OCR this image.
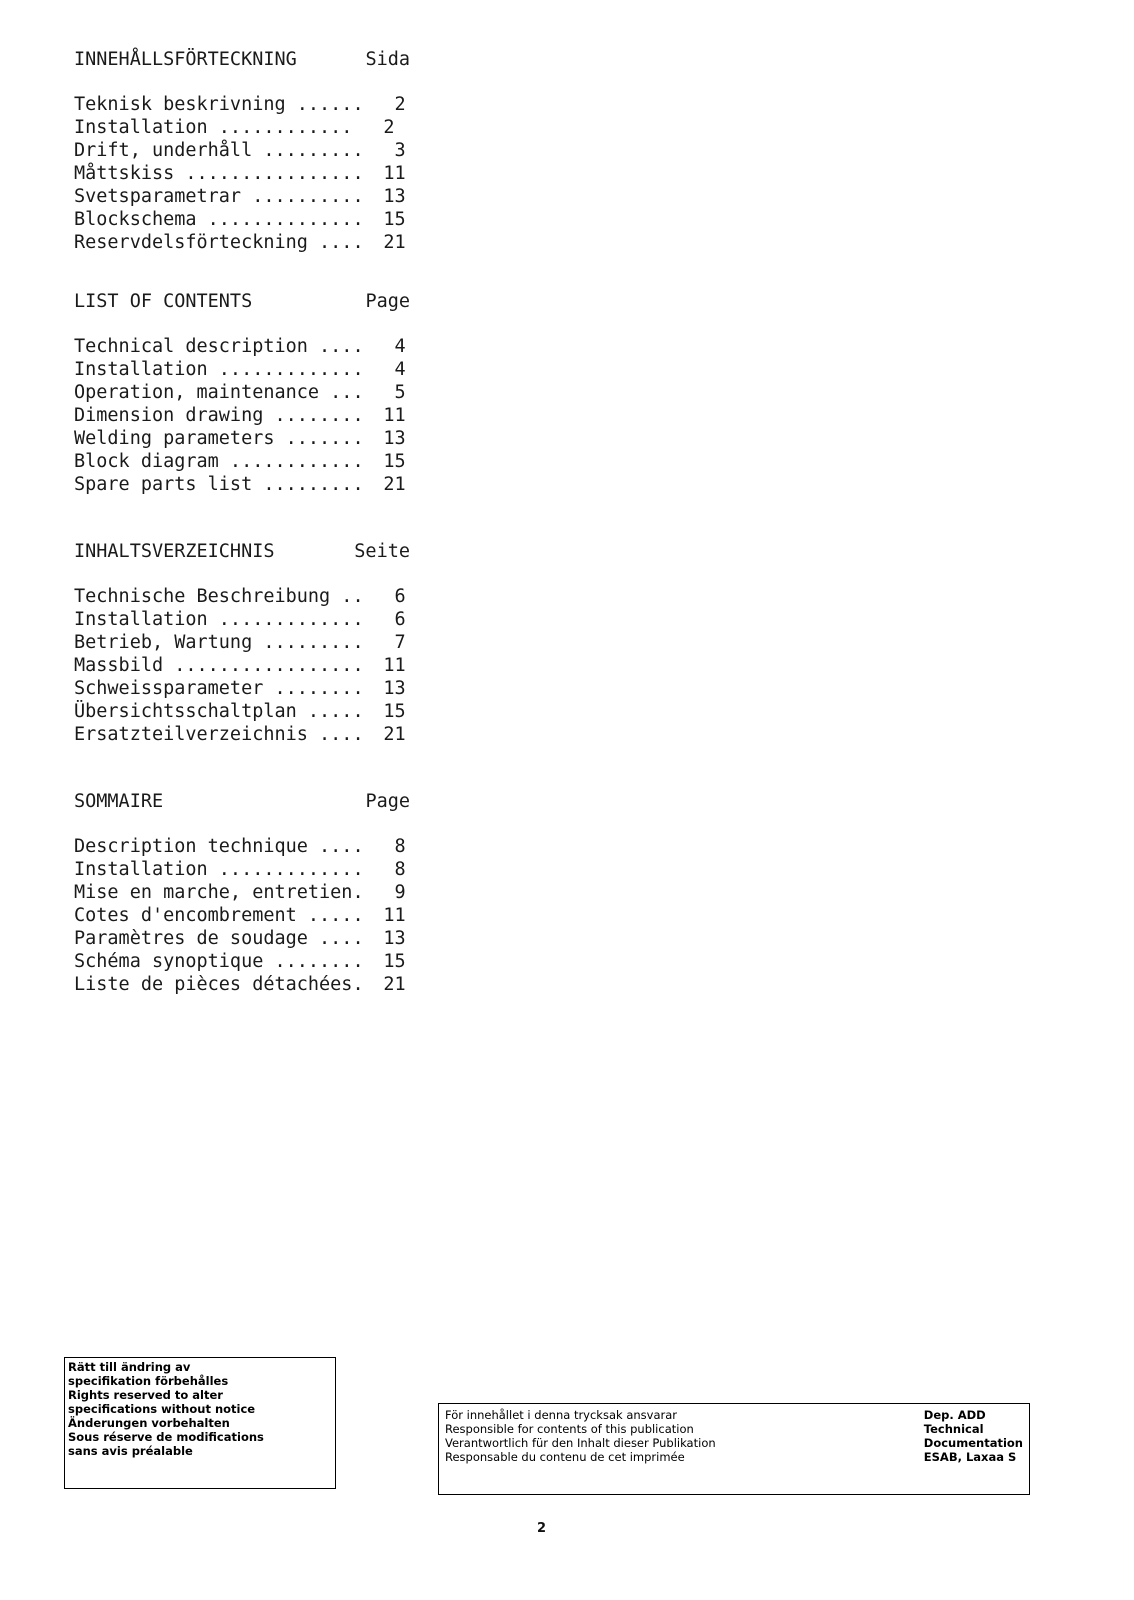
INNEHÅLLSFÖRTECKNING	Sida
Teknisk beskrivning ......	2
Installation ............	2
Drift, underhåll .........	3
Måttskiss ................	11
Svetsparametrar ..........	13
Blockschema ..............	15
Reservdelsförteckning ....	21
LIST OF CONTENTS	Page
Technical description ....	4
Installation .............	4
Operation, maintenance ...	5
Dimension drawing ........	11
Welding parameters .......	13
Block diagram ............	15
Spare parts list .........	21
INHALTSVERZEICHNIS	Seite
Technische Beschreibung ..	6
Installation .............	6
Betrieb, Wartung .........	7
Massbild .................	11
Schweissparameter ........	13
Übersichtsschaltplan .....	15
Ersatzteilverzeichnis ....	21
SOMMAIRE	Page
Description technique ....	8
Installation .............	8
Mise en marche, entretien.	9
Cotes d'encombrement .....	11
Paramètres de soudage ....	13
Schéma synoptique ........	15
Liste de pièces détachées.	21
Rätt till ändring av
specifikation förbehålles
Rights reserved to alter
specifications without notice
Änderungen vorbehalten
Sous réserve de modifications
sans avis préalable
För innehållet i denna trycksak ansvarar
Responsible for contents of this publication
Verantwortlich für den Inhalt dieser Publikation
Responsable du contenu de cet imprimée
Dep. ADD
Technical
Documentation
ESAB, Laxaa S
2
